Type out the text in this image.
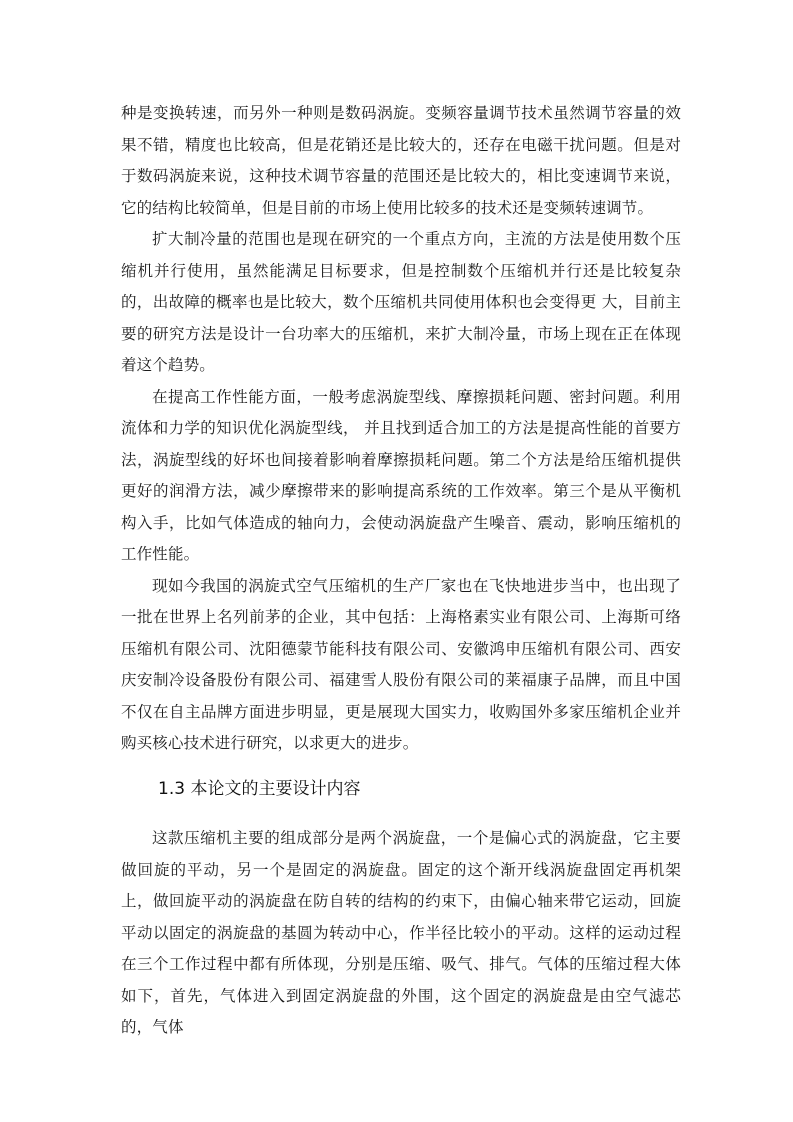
种是变换转速，而另外一种则是数码涡旋。变频容量调节技术虽然调节容量的效果不错，精度也比较高，但是花销还是比较大的，还存在电磁干扰问题。但是对于数码涡旋来说，这种技术调节容量的范围还是比较大的，相比变速调节来说，它的结构比较简单，但是目前的市场上使用比较多的技术还是变频转速调节。

扩大制冷量的范围也是现在研究的一个重点方向，主流的方法是使用数个压缩机并行使用，虽然能满足目标要求，但是控制数个压缩机并行还是比较复杂的，出故障的概率也是比较大，数个压缩机共同使用体积也会变得更 大，目前主要的研究方法是设计一台功率大的压缩机，来扩大制冷量，市场上现在正在体现着这个趋势。

在提高工作性能方面，一般考虑涡旋型线、摩擦损耗问题、密封问题。利用流体和力学的知识优化涡旋型线， 并且找到适合加工的方法是提高性能的首要方法，涡旋型线的好坏也间接着影响着摩擦损耗问题。第二个方法是给压缩机提供更好的润滑方法，减少摩擦带来的影响提高系统的工作效率。第三个是从平衡机构入手，比如气体造成的轴向力，会使动涡旋盘产生噪音、震动，影响压缩机的工作性能。

现如今我国的涡旋式空气压缩机的生产厂家也在飞快地进步当中，也出现了一批在世界上名列前茅的企业，其中包括：上海格素实业有限公司、上海斯可络压缩机有限公司、沈阳德蒙节能科技有限公司、安徽鸿申压缩机有限公司、西安庆安制冷设备股份有限公司、福建雪人股份有限公司的莱福康子品牌，而且中国不仅在自主品牌方面进步明显，更是展现大国实力，收购国外多家压缩机企业并购买核心技术进行研究，以求更大的进步。

1.3 本论文的主要设计内容

这款压缩机主要的组成部分是两个涡旋盘，一个是偏心式的涡旋盘，它主要做回旋的平动，另一个是固定的涡旋盘。固定的这个渐开线涡旋盘固定再机架上，做回旋平动的涡旋盘在防自转的结构的约束下，由偏心轴来带它运动，回旋平动以固定的涡旋盘的基圆为转动中心，作半径比较小的平动。这样的运动过程在三个工作过程中都有所体现，分别是压缩、吸气、排气。气体的压缩过程大体如下，首先，气体进入到固定涡旋盘的外围，这个固定的涡旋盘是由空气滤芯的，气体
